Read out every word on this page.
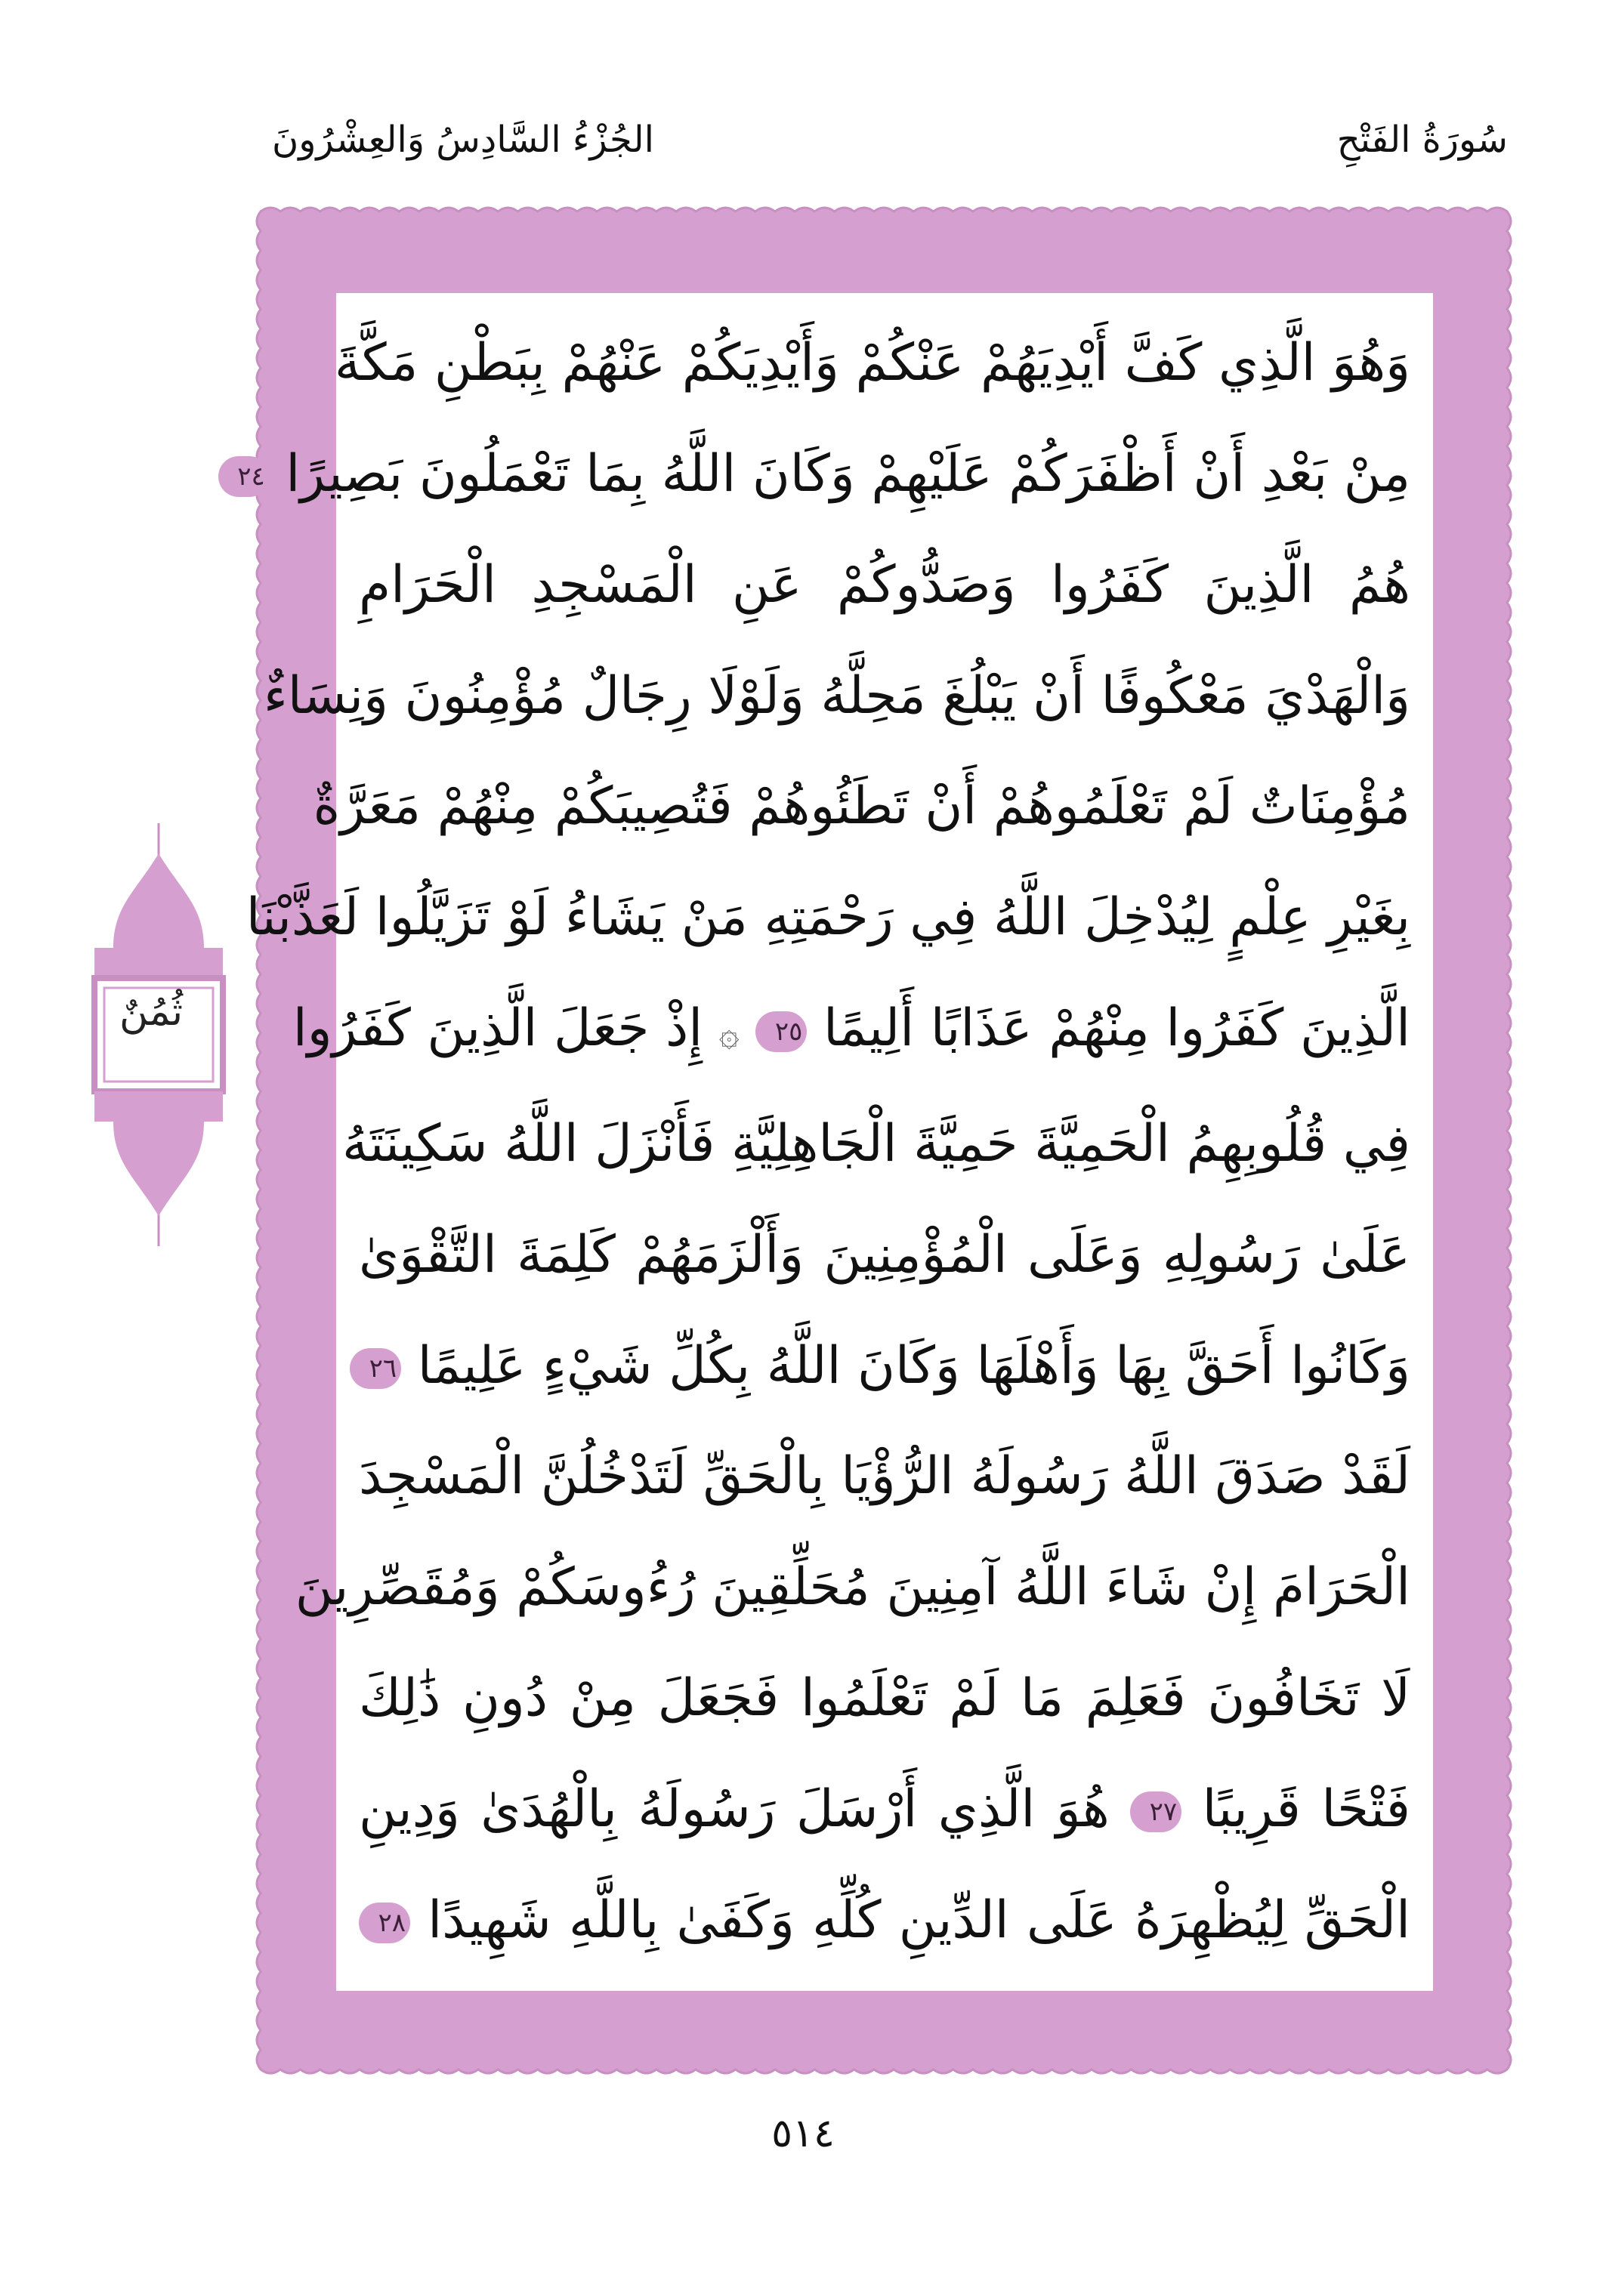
سُورَةُ الفَتْحِ
الجُزْءُ السَّادِسُ وَالعِشْرُونَ
وَهُوَ الَّذِي كَفَّ أَيْدِيَهُمْ عَنْكُمْ وَأَيْدِيَكُمْ عَنْهُمْ بِبَطْنِ مَكَّةَ
مِنْ بَعْدِ أَنْ أَظْفَرَكُمْ عَلَيْهِمْ وَكَانَ اللَّهُ بِمَا تَعْمَلُونَ بَصِيرًا ٢٤
هُمُ الَّذِينَ كَفَرُوا وَصَدُّوكُمْ عَنِ الْمَسْجِدِ الْحَرَامِ
وَالْهَدْيَ مَعْكُوفًا أَنْ يَبْلُغَ مَحِلَّهُ وَلَوْلَا رِجَالٌ مُؤْمِنُونَ وَنِسَاءٌ
مُؤْمِنَاتٌ لَمْ تَعْلَمُوهُمْ أَنْ تَطَئُوهُمْ فَتُصِيبَكُمْ مِنْهُمْ مَعَرَّةٌ
بِغَيْرِ عِلْمٍ لِيُدْخِلَ اللَّهُ فِي رَحْمَتِهِ مَنْ يَشَاءُ لَوْ تَزَيَّلُوا لَعَذَّبْنَا
الَّذِينَ كَفَرُوا مِنْهُمْ عَذَابًا أَلِيمًا ٢٥ ۞ إِذْ جَعَلَ الَّذِينَ كَفَرُوا
فِي قُلُوبِهِمُ الْحَمِيَّةَ حَمِيَّةَ الْجَاهِلِيَّةِ فَأَنْزَلَ اللَّهُ سَكِينَتَهُ
عَلَىٰ رَسُولِهِ وَعَلَى الْمُؤْمِنِينَ وَأَلْزَمَهُمْ كَلِمَةَ التَّقْوَىٰ
وَكَانُوا أَحَقَّ بِهَا وَأَهْلَهَا وَكَانَ اللَّهُ بِكُلِّ شَيْءٍ عَلِيمًا ٢٦
لَقَدْ صَدَقَ اللَّهُ رَسُولَهُ الرُّؤْيَا بِالْحَقِّ لَتَدْخُلُنَّ الْمَسْجِدَ
الْحَرَامَ إِنْ شَاءَ اللَّهُ آمِنِينَ مُحَلِّقِينَ رُءُوسَكُمْ وَمُقَصِّرِينَ
لَا تَخَافُونَ فَعَلِمَ مَا لَمْ تَعْلَمُوا فَجَعَلَ مِنْ دُونِ ذَٰلِكَ
فَتْحًا قَرِيبًا ٢٧ هُوَ الَّذِي أَرْسَلَ رَسُولَهُ بِالْهُدَىٰ وَدِينِ
الْحَقِّ لِيُظْهِرَهُ عَلَى الدِّينِ كُلِّهِ وَكَفَىٰ بِاللَّهِ شَهِيدًا ٢٨
ثُمُنٌ
٥١٤
